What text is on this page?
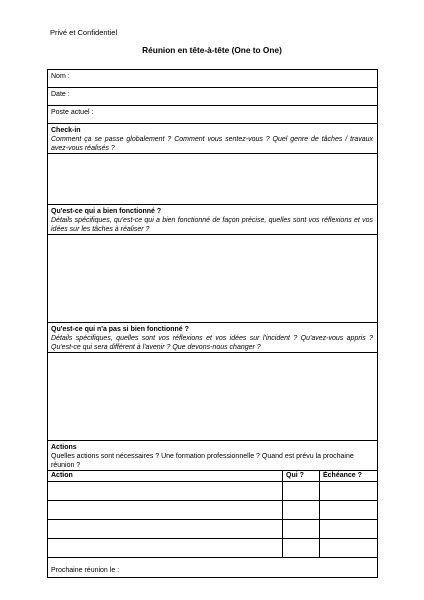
Privé et Confidentiel
Réunion en tête-à-tête (One to One)
Nom :		

Date :		

Poste actuel :		

Check-in
Comment ça se passe globalement ? Comment vous sentez-vous ? Quel genre de tâches / travaux avez-vous réalisés ?		

Qu'est-ce qui a bien fonctionné ?
Détails spécifiques, qu'est-ce qui a bien fonctionné de façon précise, quelles sont vos réflexions et vos idées sur les tâches à réaliser ?		

Qu'est-ce qui n'a pas si bien fonctionné ?
Détails spécifiques, quelles sont vos réflexions et vos idées sur l'incident ? Qu'avez-vous appris ? Qu'est-ce qui sera différent à l'avenir ? Que devons-nous changer ?		

Actions
Quelles actions sont nécessaires ? Une formation professionnelle ? Quand est prévu la prochaine réunion ?		

Action	Qui ?	Échéance ?

Prochaine réunion le :		
